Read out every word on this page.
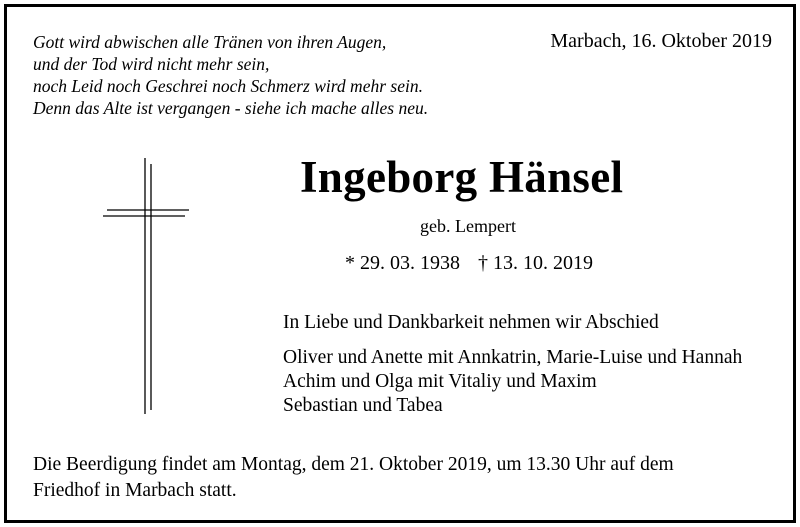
Gott wird abwischen alle Tränen von ihren Augen,
und der Tod wird nicht mehr sein,
noch Leid noch Geschrei noch Schmerz wird mehr sein.
Denn das Alte ist vergangen - siehe ich mache alles neu.
Marbach, 16. Oktober 2019
Ingeborg Hänsel
geb. Lempert
* 29. 03. 1938 † 13. 10. 2019
In Liebe und Dankbarkeit nehmen wir Abschied
Oliver und Anette mit Annkatrin, Marie-Luise und Hannah
Achim und Olga mit Vitaliy und Maxim
Sebastian und Tabea
Die Beerdigung findet am Montag, dem 21. Oktober 2019, um 13.30 Uhr auf dem
Friedhof in Marbach statt.
